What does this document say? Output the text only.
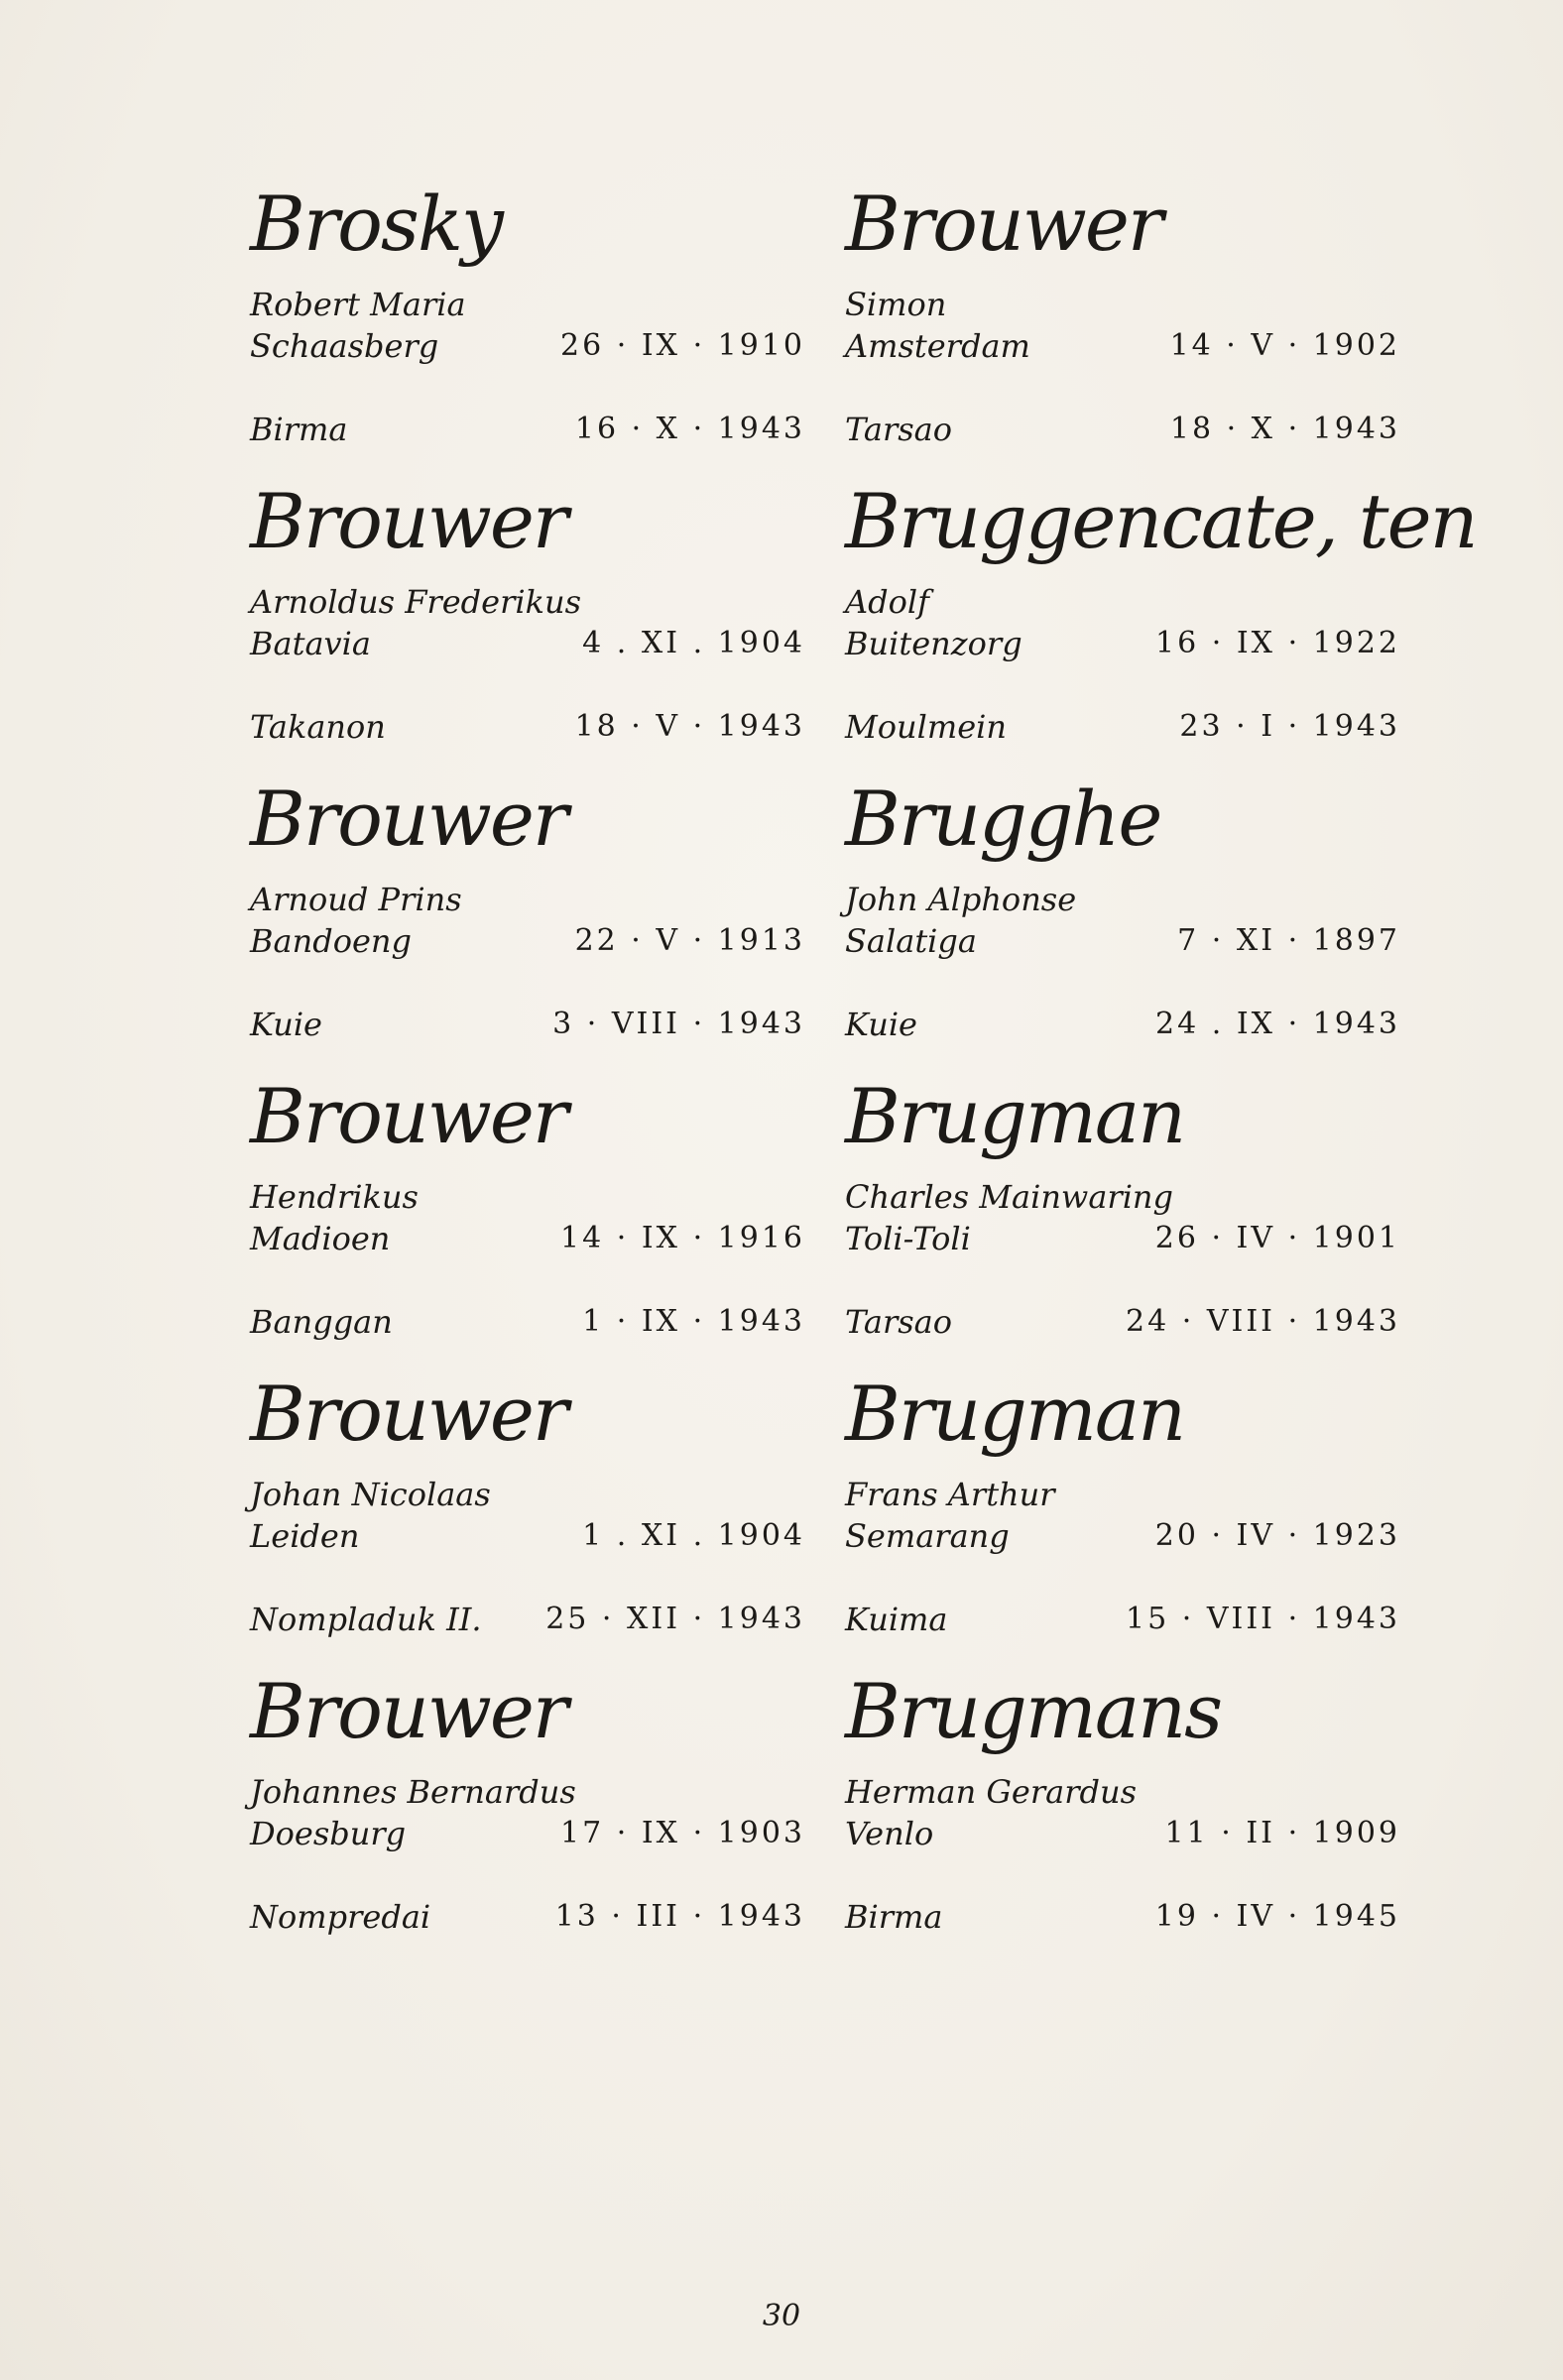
Brosky
Robert Maria
Schaasberg	26 · IX · 1910
Birma	16 · X · 1943
Brouwer
Arnoldus Frederikus
Batavia	4 . XI . 1904
Takanon	18 · V · 1943
Brouwer
Arnoud Prins
Bandoeng	22 · V · 1913
Kuie	3 · VIII · 1943
Brouwer
Hendrikus
Madioen	14 · IX · 1916
Banggan	1 · IX · 1943
Brouwer
Johan Nicolaas
Leiden	1 . XI . 1904
Nompladuk II. 25 · XII · 1943
Brouwer
Johannes Bernardus
Doesburg	17 · IX · 1903
Nompredai	13 · III · 1943
Brouwer
Simon
Amsterdam	14 · V · 1902
Tarsao	18 · X · 1943
Bruggencate, ten
Adolf
Buitenzorg	16 · IX · 1922
Moulmein	23 · I · 1943
Brugghe
John Alphonse
Salatiga	7 · XI · 1897
Kuie	24 . IX · 1943
Brugman
Charles Mainwaring
Toli-Toli	26 · IV · 1901
Tarsao	24 · VIII · 1943
Brugman
Frans Arthur
Semarang	20 · IV · 1923
Kuima	15 · VIII · 1943
Brugmans
Herman Gerardus
Venlo	11 · II · 1909
Birma	19 · IV · 1945
30
